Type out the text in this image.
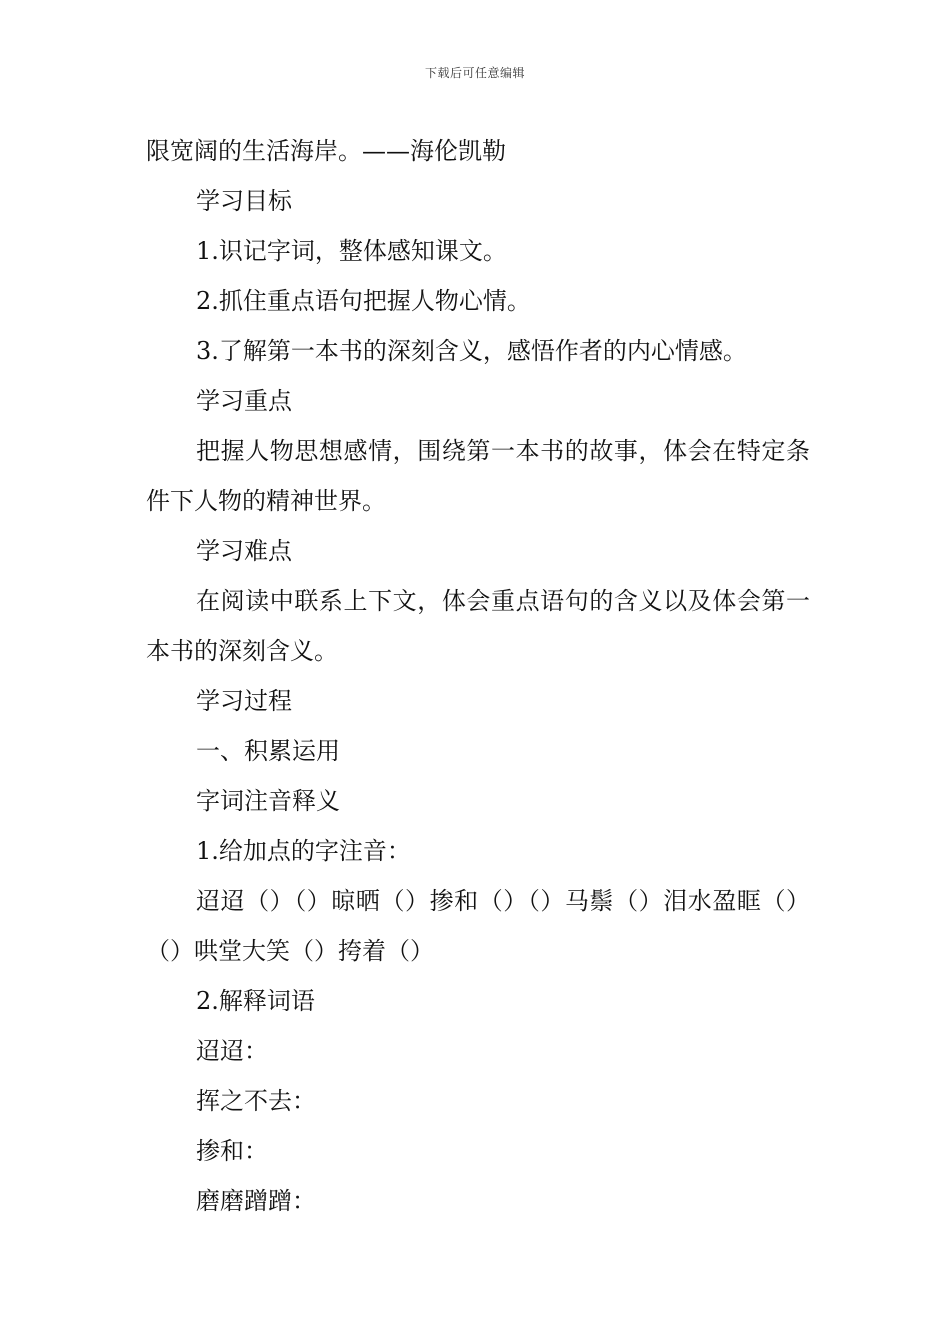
下载后可任意编辑
限宽阔的生活海岸。——海伦凯勒
学习目标
1.识记字词，整体感知课文。
2.抓住重点语句把握人物心情。
3.了解第一本书的深刻含义，感悟作者的内心情感。
学习重点
把握人物思想感情，围绕第一本书的故事，体会在特定条件下人物的精神世界。
学习难点
在阅读中联系上下文，体会重点语句的含义以及体会第一本书的深刻含义。
学习过程
一、积累运用
字词注音释义
1.给加点的字注音：
迢迢（）（）晾晒（）掺和（）（）马鬃（）泪水盈眶（）（）哄堂大笑（）挎着（）
2.解释词语
迢迢：
挥之不去：
掺和：
磨磨蹭蹭：
